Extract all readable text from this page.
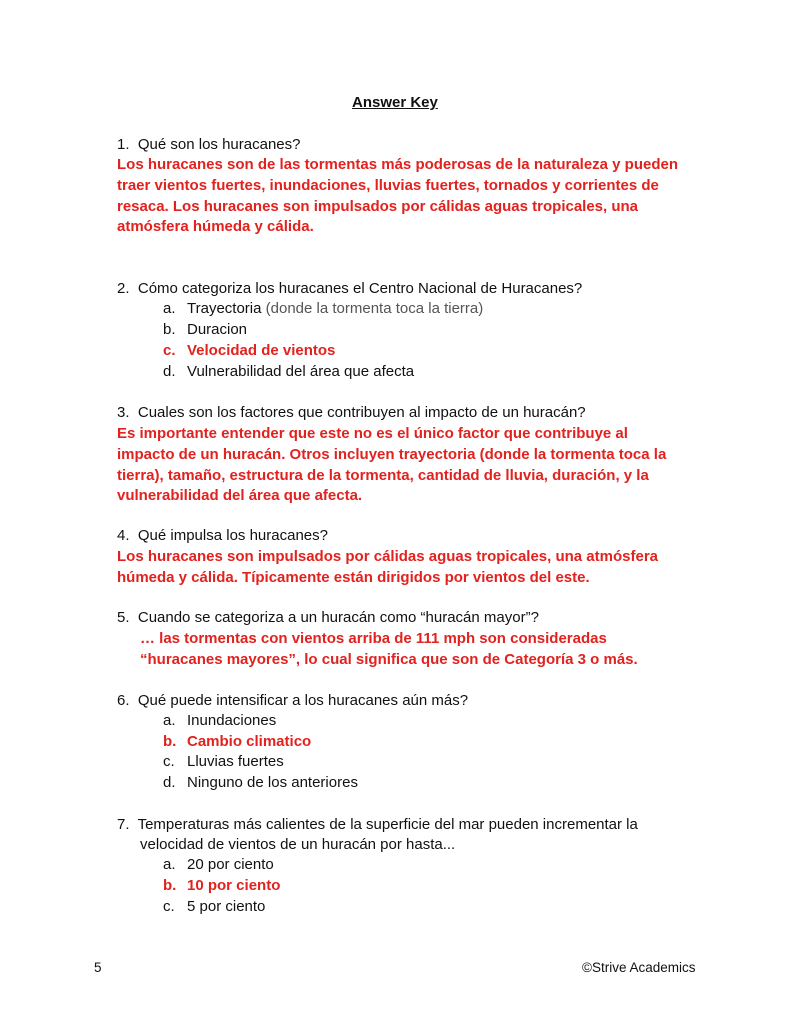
Answer Key
1. Qué son los huracanes?
Los huracanes son de las tormentas más poderosas de la naturaleza y pueden
traer vientos fuertes, inundaciones, lluvias fuertes, tornados y corrientes de
resaca. Los huracanes son impulsados por cálidas aguas tropicales, una
atmósfera húmeda y cálida.
2. Cómo categoriza los huracanes el Centro Nacional de Huracanes?
a. Trayectoria (donde la tormenta toca la tierra)
b. Duracion
c. Velocidad de vientos
d. Vulnerabilidad del área que afecta
3. Cuales son los factores que contribuyen al impacto de un huracán?
Es importante entender que este no es el único factor que contribuye al
impacto de un huracán. Otros incluyen trayectoria (donde la tormenta toca la
tierra), tamaño, estructura de la tormenta, cantidad de lluvia, duración, y la
vulnerabilidad del área que afecta.
4. Qué impulsa los huracanes?
Los huracanes son impulsados por cálidas aguas tropicales, una atmósfera
húmeda y cálida. Típicamente están dirigidos por vientos del este.
5. Cuando se categoriza a un huracán como “huracán mayor”?
… las tormentas con vientos arriba de 111 mph son consideradas
“huracanes mayores”, lo cual significa que son de Categoría 3 o más.
6. Qué puede intensificar a los huracanes aún más?
a. Inundaciones
b. Cambio climatico
c. Lluvias fuertes
d. Ninguno de los anteriores
7. Temperaturas más calientes de la superficie del mar pueden incrementar la
velocidad de vientos de un huracán por hasta...
a. 20 por ciento
b. 10 por ciento
c. 5 por ciento
5	©Strive Academics
